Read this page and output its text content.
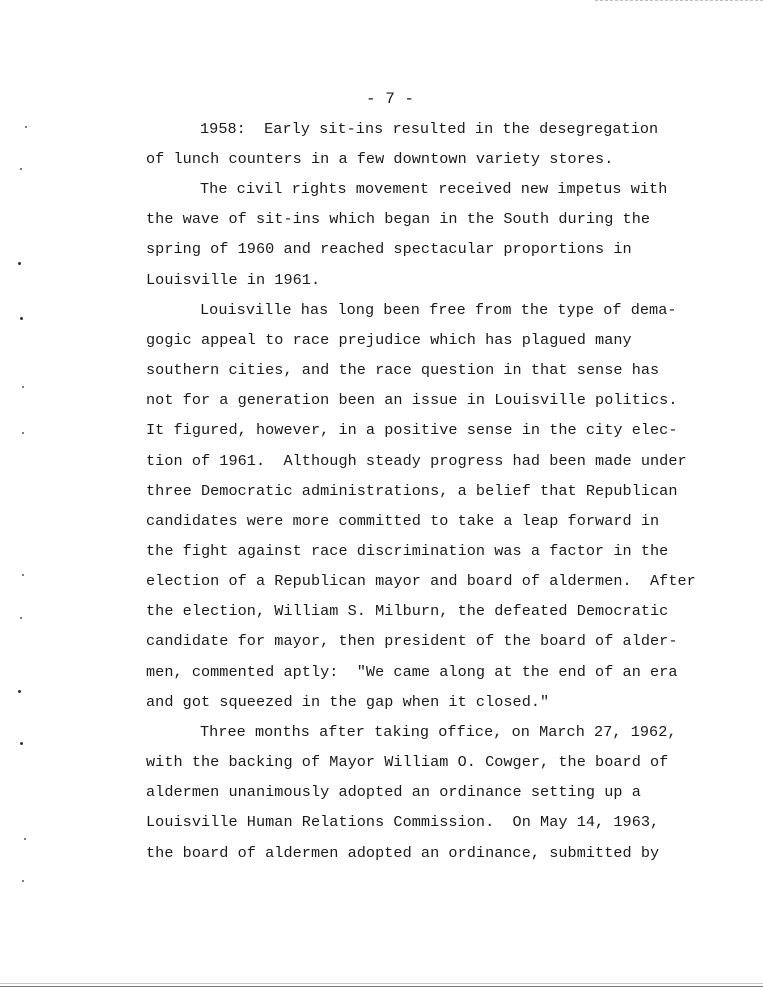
- 7 -
1958:  Early sit-ins resulted in the desegregation
of lunch counters in a few downtown variety stores.
The civil rights movement received new impetus with
the wave of sit-ins which began in the South during the
spring of 1960 and reached spectacular proportions in
Louisville in 1961.
Louisville has long been free from the type of dema-
gogic appeal to race prejudice which has plagued many
southern cities, and the race question in that sense has
not for a generation been an issue in Louisville politics.
It figured, however, in a positive sense in the city elec-
tion of 1961.  Although steady progress had been made under
three Democratic administrations, a belief that Republican
candidates were more committed to take a leap forward in
the fight against race discrimination was a factor in the
election of a Republican mayor and board of aldermen.  After
the election, William S. Milburn, the defeated Democratic
candidate for mayor, then president of the board of alder-
men, commented aptly:  "We came along at the end of an era
and got squeezed in the gap when it closed."
Three months after taking office, on March 27, 1962,
with the backing of Mayor William O. Cowger, the board of
aldermen unanimously adopted an ordinance setting up a
Louisville Human Relations Commission.  On May 14, 1963,
the board of aldermen adopted an ordinance, submitted by
